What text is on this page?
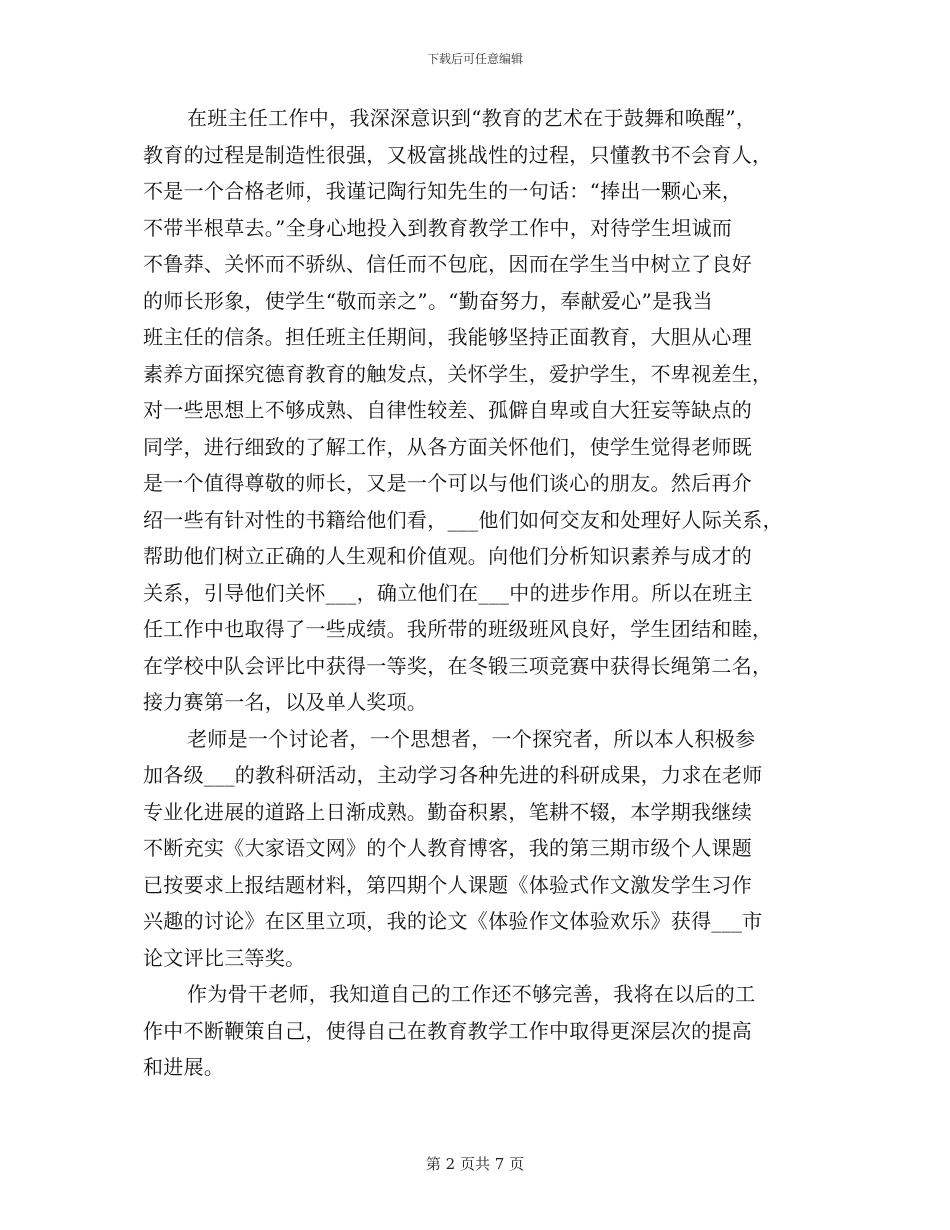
下载后可任意编辑
在班主任工作中，我深深意识到“教育的艺术在于鼓舞和唤醒”，
教育的过程是制造性很强，又极富挑战性的过程，只懂教书不会育人，
不是一个合格老师，我谨记陶行知先生的一句话：“捧出一颗心来，
不带半根草去。”全身心地投入到教育教学工作中，对待学生坦诚而
不鲁莽、关怀而不骄纵、信任而不包庇，因而在学生当中树立了良好
的师长形象，使学生“敬而亲之”。“勤奋努力，奉献爱心”是我当
班主任的信条。担任班主任期间，我能够坚持正面教育，大胆从心理
素养方面探究德育教育的触发点，关怀学生，爱护学生，不卑视差生，
对一些思想上不够成熟、自律性较差、孤僻自卑或自大狂妄等缺点的
同学，进行细致的了解工作，从各方面关怀他们，使学生觉得老师既
是一个值得尊敬的师长，又是一个可以与他们谈心的朋友。然后再介
绍一些有针对性的书籍给他们看，___他们如何交友和处理好人际关系，
帮助他们树立正确的人生观和价值观。向他们分析知识素养与成才的
关系，引导他们关怀___，确立他们在___中的进步作用。所以在班主
任工作中也取得了一些成绩。我所带的班级班风良好，学生团结和睦，
在学校中队会评比中获得一等奖，在冬锻三项竞赛中获得长绳第二名，
接力赛第一名，以及单人奖项。
老师是一个讨论者，一个思想者，一个探究者，所以本人积极参
加各级___的教科研活动，主动学习各种先进的科研成果，力求在老师
专业化进展的道路上日渐成熟。勤奋积累，笔耕不辍，本学期我继续
不断充实《大家语文网》的个人教育博客，我的第三期市级个人课题
已按要求上报结题材料，第四期个人课题《体验式作文激发学生习作
兴趣的讨论》在区里立项，我的论文《体验作文体验欢乐》获得___市
论文评比三等奖。
作为骨干老师，我知道自己的工作还不够完善，我将在以后的工
作中不断鞭策自己，使得自己在教育教学工作中取得更深层次的提高
和进展。
第 2 页共 7 页
